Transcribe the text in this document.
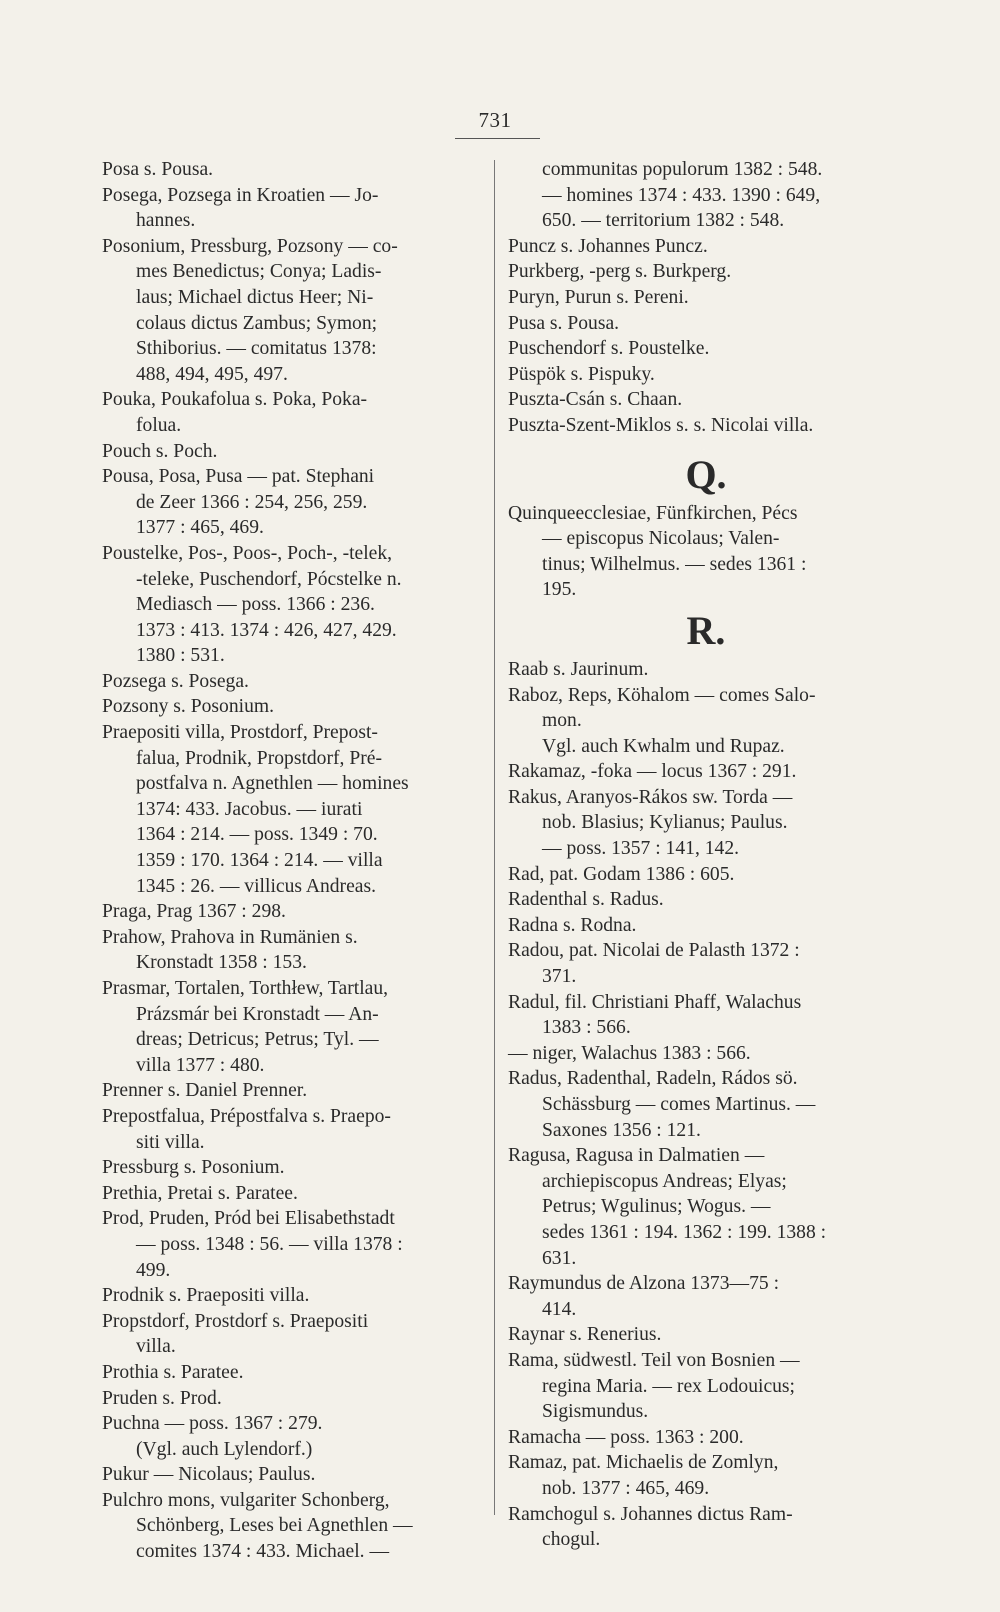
731
Posa s. Pousa.
Posega, Pozsega in Kroatien — Jo-
hannes.
Posonium, Pressburg, Pozsony — co-
mes Benedictus; Conya; Ladis-
laus; Michael dictus Heer; Ni-
colaus dictus Zambus; Symon;
Sthiborius. — comitatus 1378:
488, 494, 495, 497.
Pouka, Poukafolua s. Poka, Poka-
folua.
Pouch s. Poch.
Pousa, Posa, Pusa — pat. Stephani
de Zeer 1366 : 254, 256, 259.
1377 : 465, 469.
Poustelke, Pos-, Poos-, Poch-, -telek,
-teleke, Puschendorf, Pócstelke n.
Mediasch — poss. 1366 : 236.
1373 : 413. 1374 : 426, 427, 429.
1380 : 531.
Pozsega s. Posega.
Pozsony s. Posonium.
Praepositi villa, Prostdorf, Prepost-
falua, Prodnik, Propstdorf, Pré-
postfalva n. Agnethlen — homines
1374: 433. Jacobus. — iurati
1364 : 214. — poss. 1349 : 70.
1359 : 170. 1364 : 214. — villa
1345 : 26. — villicus Andreas.
Praga, Prag 1367 : 298.
Prahow, Prahova in Rumänien s.
Kronstadt 1358 : 153.
Prasmar, Tortalen, Torthłew, Tartlau,
Prázsmár bei Kronstadt — An-
dreas; Detricus; Petrus; Tyl. —
villa 1377 : 480.
Prenner s. Daniel Prenner.
Prepostfalua, Prépostfalva s. Praepo-
siti villa.
Pressburg s. Posonium.
Prethia, Pretai s. Paratee.
Prod, Pruden, Pród bei Elisabethstadt
— poss. 1348 : 56. — villa 1378 :
499.
Prodnik s. Praepositi villa.
Propstdorf, Prostdorf s. Praepositi
villa.
Prothia s. Paratee.
Pruden s. Prod.
Puchna — poss. 1367 : 279.
(Vgl. auch Lylendorf.)
Pukur — Nicolaus; Paulus.
Pulchro mons, vulgariter Schonberg,
Schönberg, Leses bei Agnethlen —
comites 1374 : 433. Michael. —
communitas populorum 1382 : 548.
— homines 1374 : 433. 1390 : 649,
650. — territorium 1382 : 548.
Puncz s. Johannes Puncz.
Purkberg, -perg s. Burkperg.
Puryn, Purun s. Pereni.
Pusa s. Pousa.
Puschendorf s. Poustelke.
Püspök s. Pispuky.
Puszta-Csán s. Chaan.
Puszta-Szent-Miklos s. s. Nicolai villa.
Q.
Quinqueecclesiae, Fünfkirchen, Pécs
— episcopus Nicolaus; Valen-
tinus; Wilhelmus. — sedes 1361 :
195.
R.
Raab s. Jaurinum.
Raboz, Reps, Köhalom — comes Salo-
mon.
Vgl. auch Kwhalm und Rupaz.
Rakamaz, -foka — locus 1367 : 291.
Rakus, Aranyos-Rákos sw. Torda —
nob. Blasius; Kylianus; Paulus.
— poss. 1357 : 141, 142.
Rad, pat. Godam 1386 : 605.
Radenthal s. Radus.
Radna s. Rodna.
Radou, pat. Nicolai de Palasth 1372 :
371.
Radul, fil. Christiani Phaff, Walachus
1383 : 566.
— niger, Walachus 1383 : 566.
Radus, Radenthal, Radeln, Rádos sö.
Schässburg — comes Martinus. —
Saxones 1356 : 121.
Ragusa, Ragusa in Dalmatien —
archiepiscopus Andreas; Elyas;
Petrus; Wgulinus; Wogus. —
sedes 1361 : 194. 1362 : 199. 1388 :
631.
Raymundus de Alzona 1373—75 :
414.
Raynar s. Renerius.
Rama, südwestl. Teil von Bosnien —
regina Maria. — rex Lodouicus;
Sigismundus.
Ramacha — poss. 1363 : 200.
Ramaz, pat. Michaelis de Zomlyn,
nob. 1377 : 465, 469.
Ramchogul s. Johannes dictus Ram-
chogul.
